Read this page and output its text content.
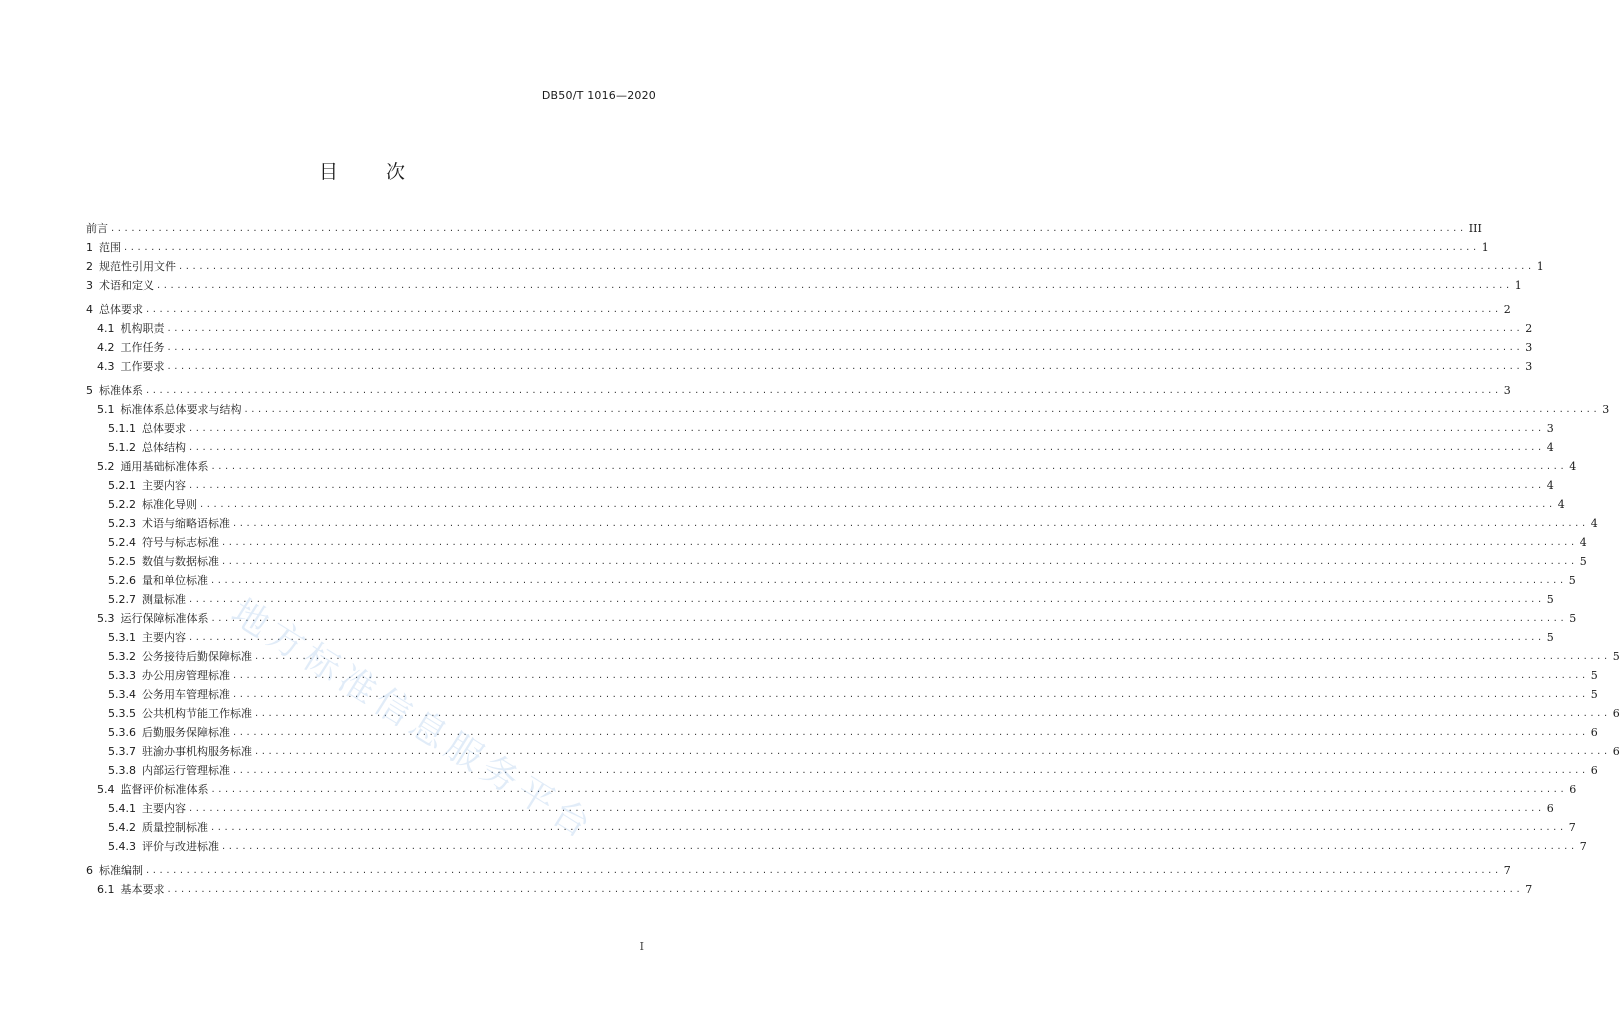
DB50/T 1016—2020
目	次
前言 ........................................................................................................................................................................................................ III
1 范围 ........................................................................................................................................................................................................ 1
2 规范性引用文件 ........................................................................................................................................................................................................ 1
3 术语和定义 ........................................................................................................................................................................................................ 1
4 总体要求 ........................................................................................................................................................................................................ 2
4.1 机构职责 ........................................................................................................................................................................................................ 2
4.2 工作任务 ........................................................................................................................................................................................................ 3
4.3 工作要求 ........................................................................................................................................................................................................ 3
5 标准体系 ........................................................................................................................................................................................................ 3
5.1 标准体系总体要求与结构 ........................................................................................................................................................................................................ 3
5.1.1 总体要求 ........................................................................................................................................................................................................ 3
5.1.2 总体结构 ........................................................................................................................................................................................................ 4
5.2 通用基础标准体系 ........................................................................................................................................................................................................ 4
5.2.1 主要内容 ........................................................................................................................................................................................................ 4
5.2.2 标准化导则 ........................................................................................................................................................................................................ 4
5.2.3 术语与缩略语标准 ........................................................................................................................................................................................................ 4
5.2.4 符号与标志标准 ........................................................................................................................................................................................................ 4
5.2.5 数值与数据标准 ........................................................................................................................................................................................................ 5
5.2.6 量和单位标准 ........................................................................................................................................................................................................ 5
5.2.7 测量标准 ........................................................................................................................................................................................................ 5
5.3 运行保障标准体系 ........................................................................................................................................................................................................ 5
5.3.1 主要内容 ........................................................................................................................................................................................................ 5
5.3.2 公务接待后勤保障标准 ........................................................................................................................................................................................................ 5
5.3.3 办公用房管理标准 ........................................................................................................................................................................................................ 5
5.3.4 公务用车管理标准 ........................................................................................................................................................................................................ 5
5.3.5 公共机构节能工作标准 ........................................................................................................................................................................................................ 6
5.3.6 后勤服务保障标准 ........................................................................................................................................................................................................ 6
5.3.7 驻渝办事机构服务标准 ........................................................................................................................................................................................................ 6
5.3.8 内部运行管理标准 ........................................................................................................................................................................................................ 6
5.4 监督评价标准体系 ........................................................................................................................................................................................................ 6
5.4.1 主要内容 ........................................................................................................................................................................................................ 6
5.4.2 质量控制标准 ........................................................................................................................................................................................................ 7
5.4.3 评价与改进标准 ........................................................................................................................................................................................................ 7
6 标准编制 ........................................................................................................................................................................................................ 7
6.1 基本要求 ........................................................................................................................................................................................................ 7
地方标准信息服务平台
I
